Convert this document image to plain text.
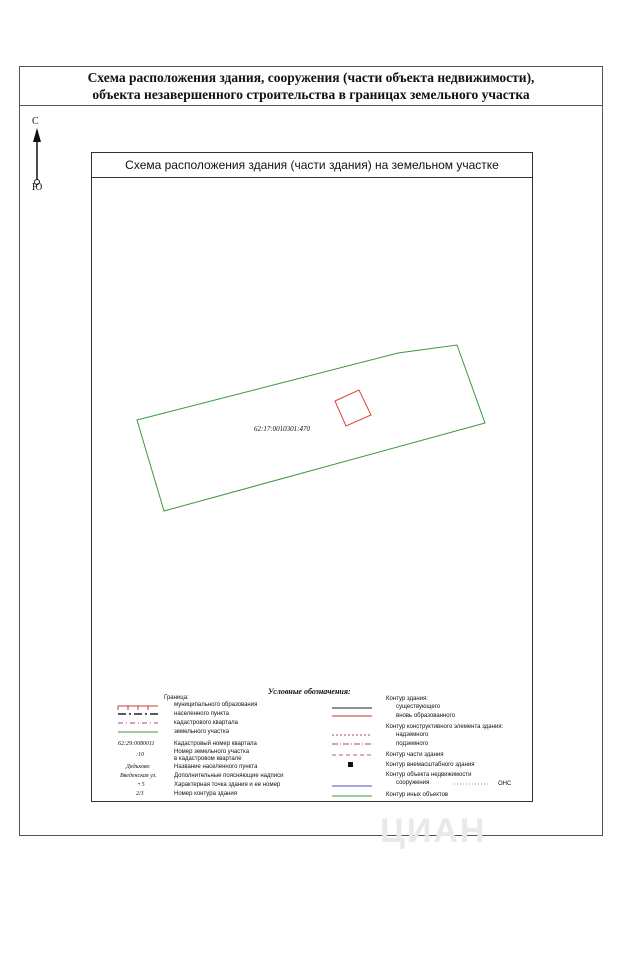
Схема расположения здания, сооружения (части объекта недвижимости),
объекта незавершенного строительства в границах земельного участка
С
Ю
Схема расположения здания (части здания) на земельном участке
62:17:0010301:470
Условные обозначения:
Граница:
муниципального образования
населенного пункта
кадастрового квартала
земельного участка
62:29:0080011	Кадастровый номер квартала
:10	Номер земельного участка
в кадастровом квартале
Дядьково	Название населенного пункта
Введенская ул.	Дополнительные поясняющие надписи
• 5	Характерная точка здания и ее номер
2/3	Номер контура здания
Контур здания:
существующего
вновь образованного
Контур конструктивного элемента здания:
надземного
подземного
Контур части здания
Контур внемасштабного здания
Контур объекта недвижимости
сооружения	ОНС
Контур иных объектов
ЦИАН
